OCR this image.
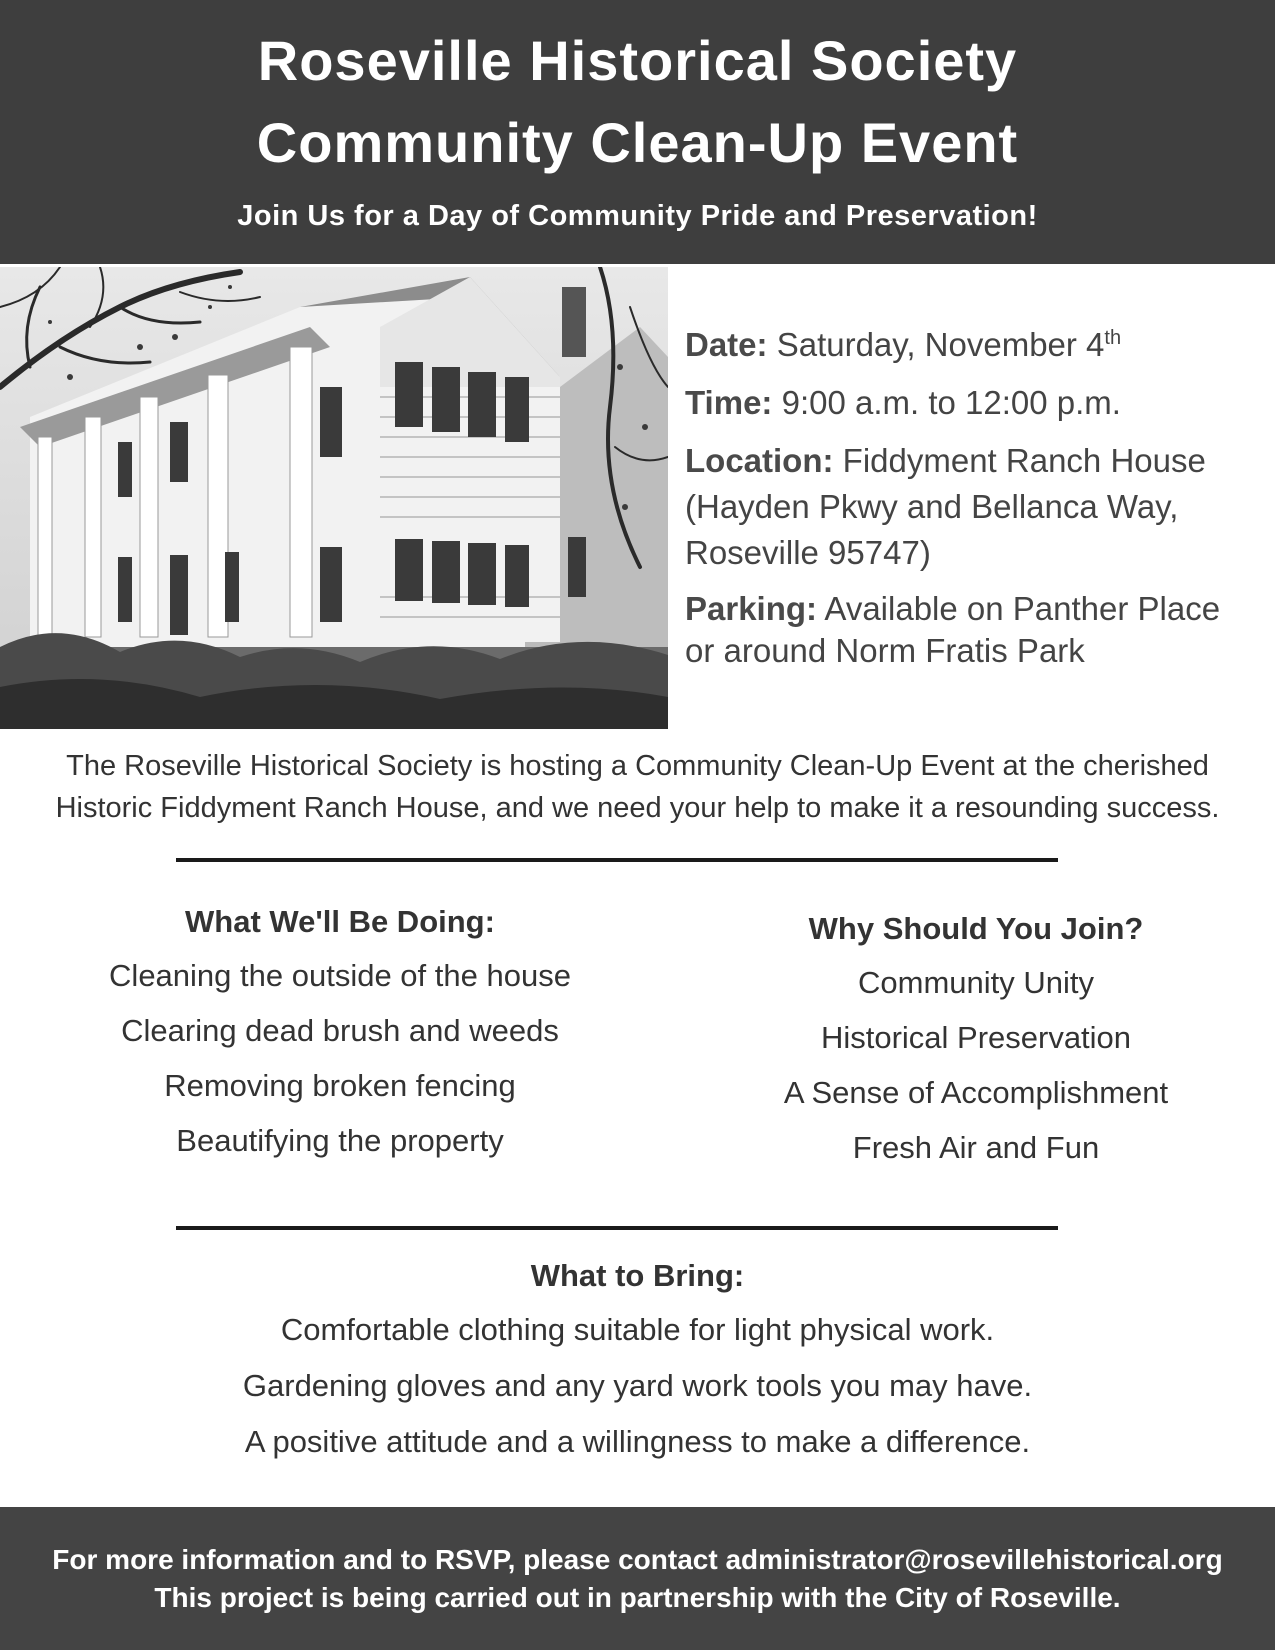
Roseville Historical Society
Community Clean-Up Event
Join Us for a Day of Community Pride and Preservation!
Date: Saturday, November 4th
Time: 9:00 a.m. to 12:00 p.m.
Location: Fiddyment Ranch House
(Hayden Pkwy and Bellanca Way,
Roseville 95747)
Parking: Available on Panther Place
or around Norm Fratis Park
The Roseville Historical Society is hosting a Community Clean-Up Event at the cherished
Historic Fiddyment Ranch House, and we need your help to make it a resounding success.
What We'll Be Doing:
Cleaning the outside of the house
Clearing dead brush and weeds
Removing broken fencing
Beautifying the property
Why Should You Join?
Community Unity
Historical Preservation
A Sense of Accomplishment
Fresh Air and Fun
What to Bring:
Comfortable clothing suitable for light physical work.
Gardening gloves and any yard work tools you may have.
A positive attitude and a willingness to make a difference.
For more information and to RSVP, please contact administrator@rosevillehistorical.org
This project is being carried out in partnership with the City of Roseville.
